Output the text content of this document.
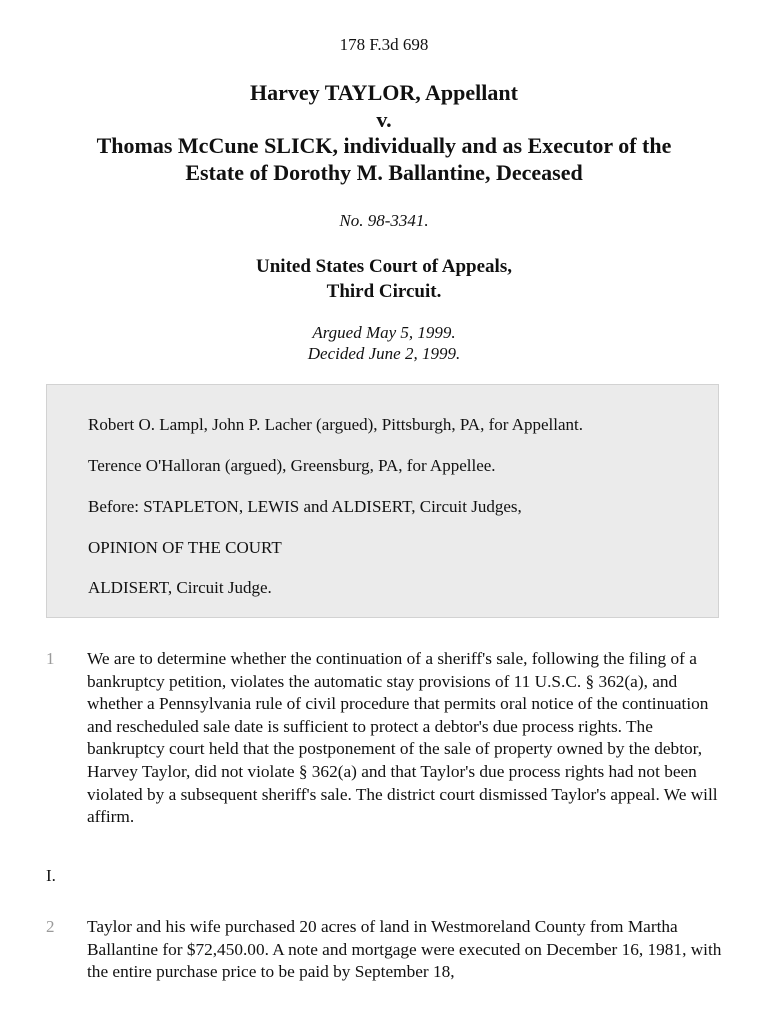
178 F.3d 698
Harvey TAYLOR, Appellant
v.
Thomas McCune SLICK, individually and as Executor of the
Estate of Dorothy M. Ballantine, Deceased
No. 98-3341.
United States Court of Appeals,
Third Circuit.
Argued May 5, 1999.
Decided June 2, 1999.
Robert O. Lampl, John P. Lacher (argued), Pittsburgh, PA, for Appellant.
Terence O'Halloran (argued), Greensburg, PA, for Appellee.
Before: STAPLETON, LEWIS and ALDISERT, Circuit Judges,
OPINION OF THE COURT
ALDISERT, Circuit Judge.
1 We are to determine whether the continuation of a sheriff's sale, following the filing of a bankruptcy petition, violates the automatic stay provisions of 11 U.S.C. § 362(a), and whether a Pennsylvania rule of civil procedure that permits oral notice of the continuation and rescheduled sale date is sufficient to protect a debtor's due process rights. The bankruptcy court held that the postponement of the sale of property owned by the debtor, Harvey Taylor, did not violate § 362(a) and that Taylor's due process rights had not been violated by a subsequent sheriff's sale. The district court dismissed Taylor's appeal. We will affirm.

I.
2 Taylor and his wife purchased 20 acres of land in Westmoreland County from Martha Ballantine for $72,450.00. A note and mortgage were executed on December 16, 1981, with the entire purchase price to be paid by September 18,
